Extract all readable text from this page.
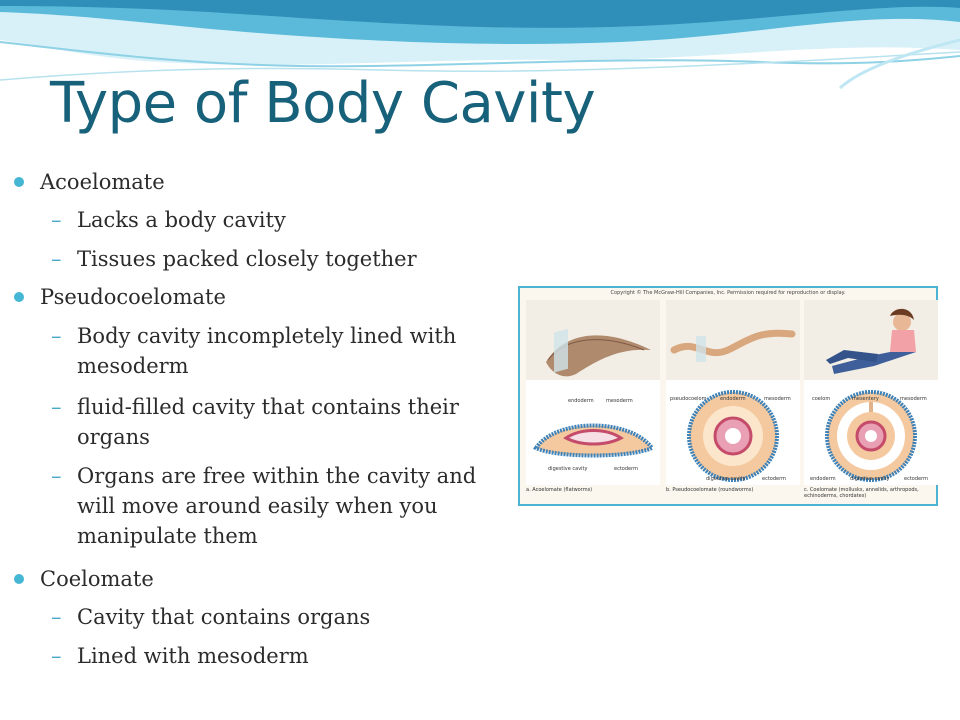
Type of Body Cavity
Acoelomate
– Lacks a body cavity
– Tissues packed closely together
Pseudocoelomate
– Body cavity incompletely lined with mesoderm
– fluid-filled cavity that contains their organs
– Organs are free within the cavity and will move around easily when you manipulate them
Coelomate
– Cavity that contains organs
– Lined with mesoderm
Copyright © The McGraw-Hill Companies, Inc. Permission required for reproduction or display.
endoderm mesoderm
digestive cavity	ectoderm
a. Acoelomate (flatworms)
pseudocoelom	endoderm	mesoderm
digestive cavity	ectoderm
b. Pseudocoelomate (roundworms)
coelom	mesentery	mesoderm
endoderm	digestive cavity	ectoderm
c. Coelomate (mollusks, annelids, arthropods, echinoderms, chordates)
